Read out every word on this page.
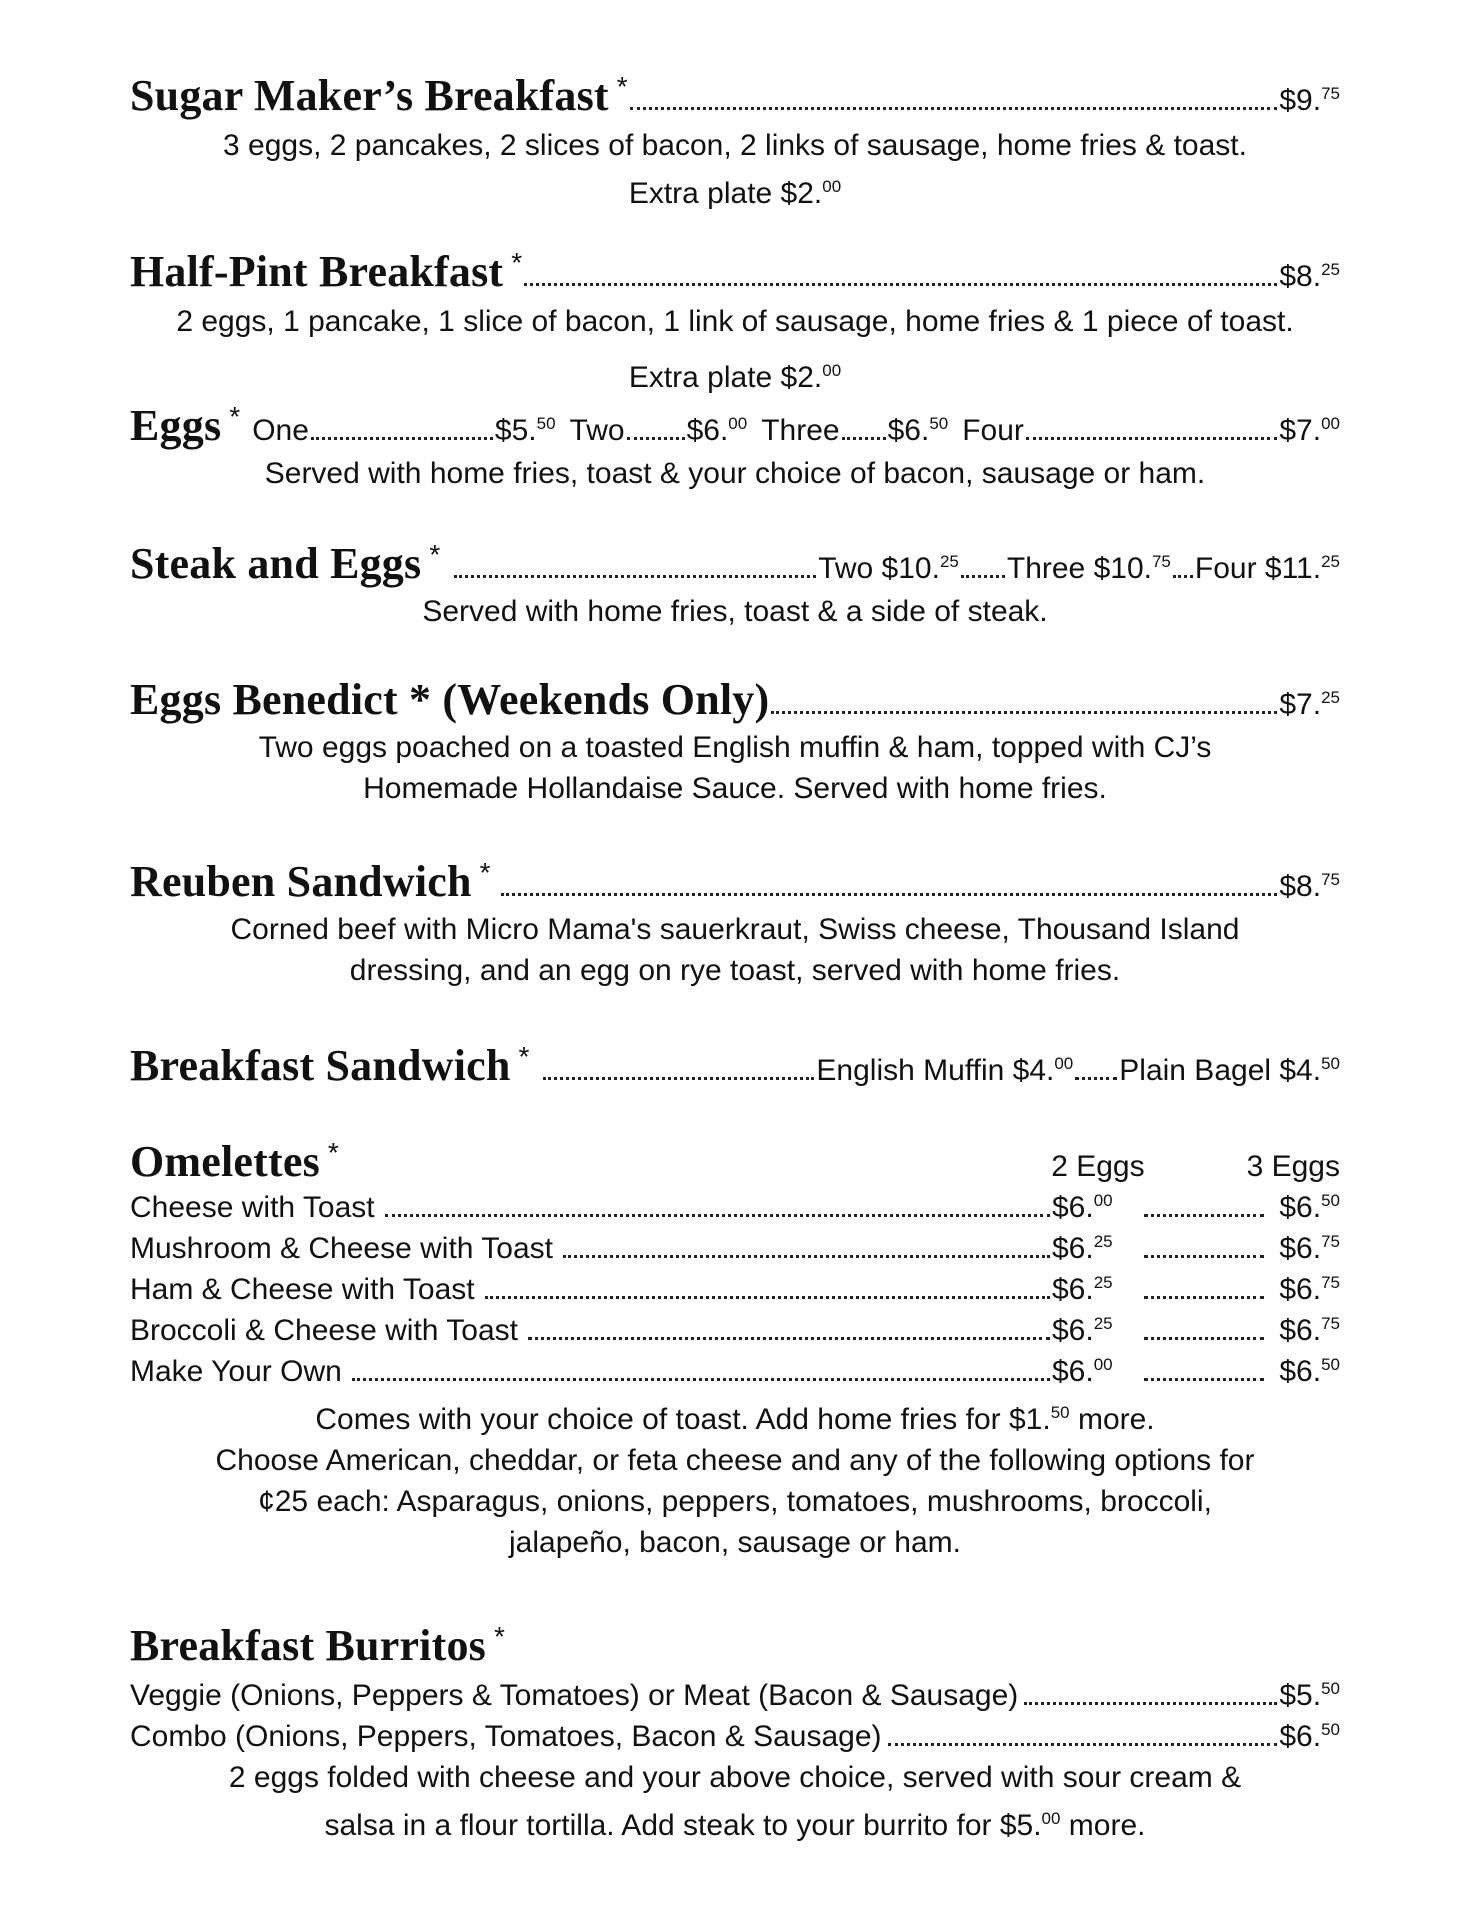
Sugar Maker’s Breakfast *	$9.75
3 eggs, 2 pancakes, 2 slices of bacon, 2 links of sausage, home fries & toast.
Extra plate $2.00
Half-Pint Breakfast *	$8.25
2 eggs, 1 pancake, 1 slice of bacon, 1 link of sausage, home fries & 1 piece of toast.
Extra plate $2.00
Eggs * One	$5.50 Two $6.00 Three $6.50 Four	$7.00
Served with home fries, toast & your choice of bacon, sausage or ham.
Steak and Eggs *	Two $10.25 Three $10.75 Four $11.25
Served with home fries, toast & a side of steak.
Eggs Benedict * (Weekends Only)	$7.25
Two eggs poached on a toasted English muffin & ham, topped with CJ’s
Homemade Hollandaise Sauce. Served with home fries.
Reuben Sandwich *	$8.75
Corned beef with Micro Mama's sauerkraut, Swiss cheese, Thousand Island
dressing, and an egg on rye toast, served with home fries.
Breakfast Sandwich *	English Muffin $4.00 Plain Bagel $4.50
Omelettes *	2 Eggs	3 Eggs
Cheese with Toast	$6.00	$6.50
Mushroom & Cheese with Toast	$6.25	$6.75
Ham & Cheese with Toast	$6.25	$6.75
Broccoli & Cheese with Toast	$6.25	$6.75
Make Your Own	$6.00	$6.50
Comes with your choice of toast. Add home fries for $1.50 more.
Choose American, cheddar, or feta cheese and any of the following options for
¢25 each: Asparagus, onions, peppers, tomatoes, mushrooms, broccoli,
jalapeño, bacon, sausage or ham.
Breakfast Burritos *
Veggie (Onions, Peppers & Tomatoes) or Meat (Bacon & Sausage)	$5.50
Combo (Onions, Peppers, Tomatoes, Bacon & Sausage)	$6.50
2 eggs folded with cheese and your above choice, served with sour cream &
salsa in a flour tortilla. Add steak to your burrito for $5.00 more.
